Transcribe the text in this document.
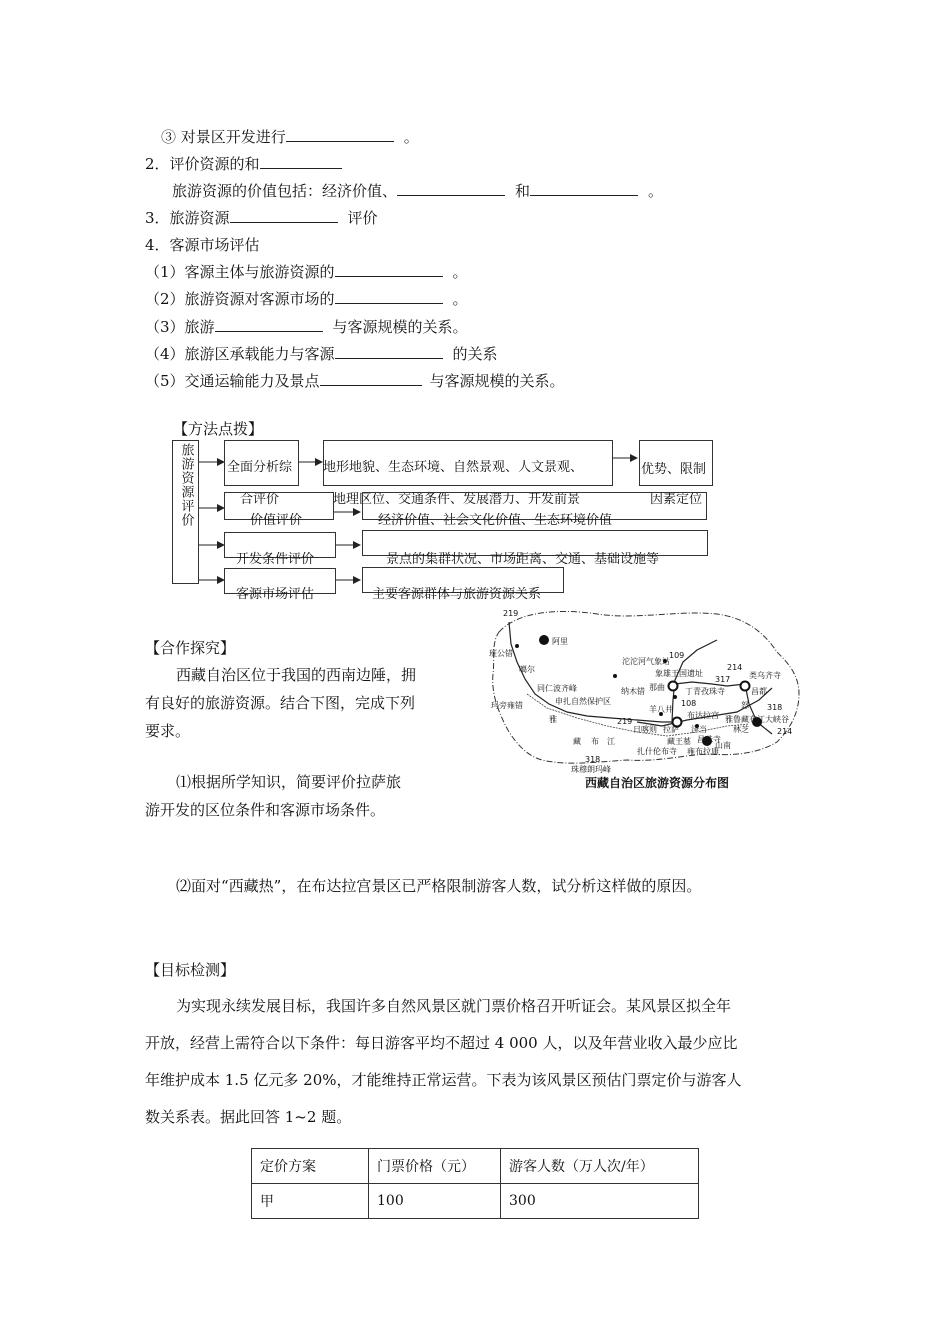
③ 对景区开发进行	。
2．评价资源的和
旅游资源的价值包括：经济价值、	和	。
3．旅游资源	评价
4．客源市场评估
（1）客源主体与旅游资源的	。
（2）旅游资源对客源市场的	。
（3）旅游	与客源规模的关系。
（4）旅游区承载能力与客源	的关系
（5）交通运输能力及景点	与客源规模的关系。
【方法点拨】
旅游资源评价	全面分析综
合评价
地形地貌、生态环境、自然景观、人文景观、
地理区位、交通条件、发展潜力、开发前景
优势、限制
因素定位
价值评价	经济价值、社会文化价值、生态环境价值
开发条件评价	景点的集群状况、市场距离、交通、基础设施等
客源市场评估	主要客源群体与旅游资源关系
【合作探究】
西藏自治区位于我国的西南边陲，拥
有良好的旅游资源。结合下图，完成下列
要求。
⑴根据所学知识，简要评价拉萨旅
游开发的区位条件和客源市场条件。
⑵面对“西藏热”，在布达拉宫景区已严格限制游客人数，试分析这样做的原因。
219
班公错
噶尔
阿里
沱沱河气象站
109
214
象雄王国遗址
317 类乌齐寺
昌都
那曲	丁青孜珠寺
同仁波齐峰
申扎自然保护区
纳木错
108	怒 318
玛旁雍错	羊八井
布达拉宫 雅鲁藏布江大峡谷
219
日喀则 拉萨 泽当	林芝	214
雅
藏 布 江	藏王墓 昌珠寺
扎什伦布寺 雍布拉康
山南
318
珠穆朗玛峰
西藏自治区旅游资源分布图
【目标检测】
为实现永续发展目标，我国许多自然风景区就门票价格召开听证会。某风景区拟全年
开放，经营上需符合以下条件：每日游客平均不超过 4 000 人，以及年营业收入最少应比
年维护成本 1.5 亿元多 20%，才能维持正常运营。下表为该风景区预估门票定价与游客人
数关系表。据此回答 1~2 题。
定价方案	门票价格（元）	游客人数（万人次/年）
甲	100	300
